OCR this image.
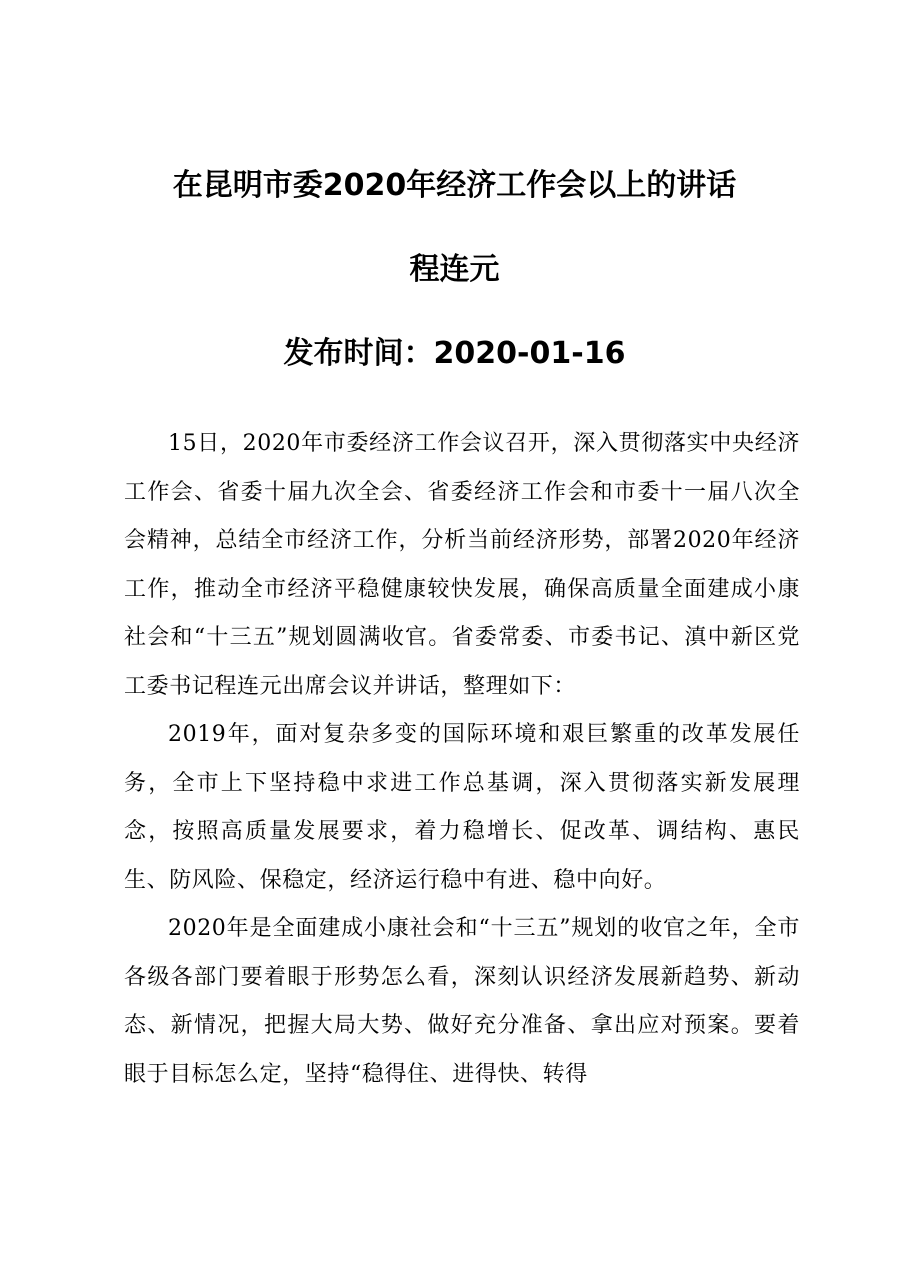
在昆明市委2020年经济工作会以上的讲话
程连元
发布时间：2020-01-16

15日，2020年市委经济工作会议召开，深入贯彻落实中央经济工作会、省委十届九次全会、省委经济工作会和市委十一届八次全会精神，总结全市经济工作，分析当前经济形势，部署2020年经济工作，推动全市经济平稳健康较快发展，确保高质量全面建成小康社会和“十三五”规划圆满收官。省委常委、市委书记、滇中新区党工委书记程连元出席会议并讲话，整理如下：

2019年，面对复杂多变的国际环境和艰巨繁重的改革发展任务，全市上下坚持稳中求进工作总基调，深入贯彻落实新发展理念，按照高质量发展要求，着力稳增长、促改革、调结构、惠民生、防风险、保稳定，经济运行稳中有进、稳中向好。

2020年是全面建成小康社会和“十三五”规划的收官之年，全市各级各部门要着眼于形势怎么看，深刻认识经济发展新趋势、新动态、新情况，把握大局大势、做好充分准备、拿出应对预案。要着眼于目标怎么定，坚持“稳得住、进得快、转得
